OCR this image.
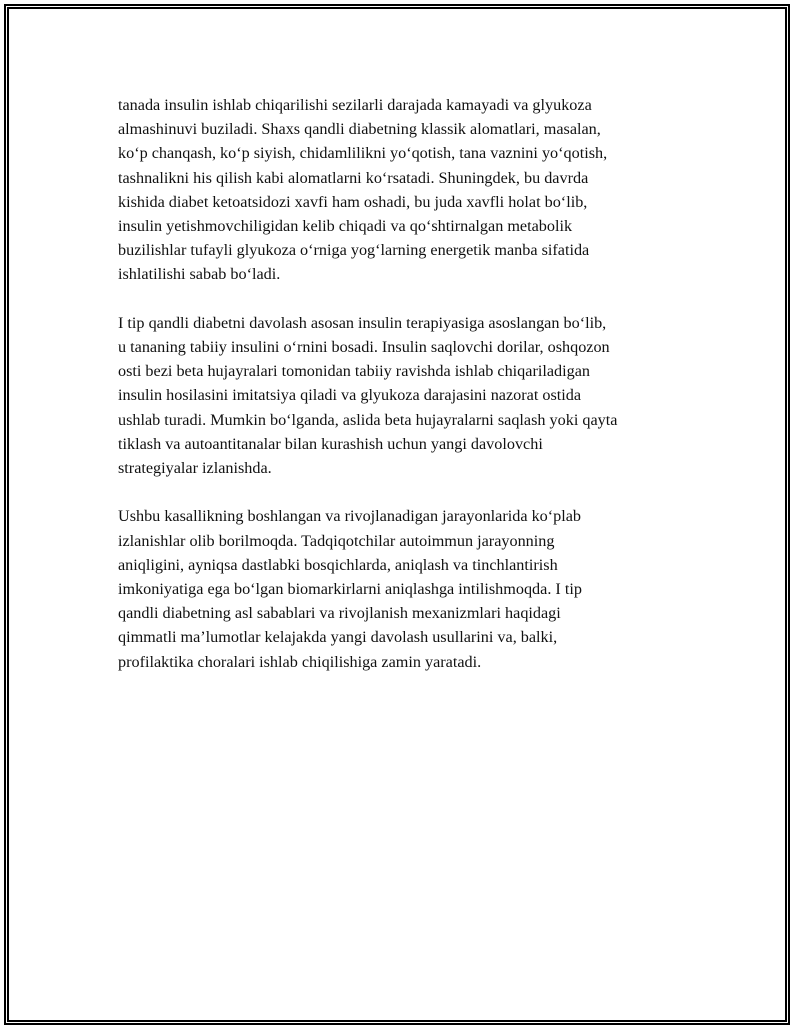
tanada insulin ishlab chiqarilishi sezilarli darajada kamayadi va glyukoza
almashinuvi buziladi. Shaxs qandli diabetning klassik alomatlari, masalan,
ko‘p chanqash, ko‘p siyish, chidamlilikni yo‘qotish, tana vaznini yo‘qotish,
tashnalikni his qilish kabi alomatlarni ko‘rsatadi. Shuningdek, bu davrda
kishida diabet ketoatsidozi xavfi ham oshadi, bu juda xavfli holat bo‘lib,
insulin yetishmovchiligidan kelib chiqadi va qo‘shtirnalgan metabolik
buzilishlar tufayli glyukoza o‘rniga yog‘larning energetik manba sifatida
ishlatilishi sabab bo‘ladi.

I tip qandli diabetni davolash asosan insulin terapiyasiga asoslangan bo‘lib,
u tananing tabiiy insulini o‘rnini bosadi. Insulin saqlovchi dorilar, oshqozon
osti bezi beta hujayralari tomonidan tabiiy ravishda ishlab chiqariladigan
insulin hosilasini imitatsiya qiladi va glyukoza darajasini nazorat ostida
ushlab turadi. Mumkin bo‘lganda, aslida beta hujayralarni saqlash yoki qayta
tiklash va autoantitanalar bilan kurashish uchun yangi davolovchi
strategiyalar izlanishda.

Ushbu kasallikning boshlangan va rivojlanadigan jarayonlarida ko‘plab
izlanishlar olib borilmoqda. Tadqiqotchilar autoimmun jarayonning
aniqligini, ayniqsa dastlabki bosqichlarda, aniqlash va tinchlantirish
imkoniyatiga ega bo‘lgan biomarkirlarni aniqlashga intilishmoqda. I tip
qandli diabetning asl sabablari va rivojlanish mexanizmlari haqidagi
qimmatli ma’lumotlar kelajakda yangi davolash usullarini va, balki,
profilaktika choralari ishlab chiqilishiga zamin yaratadi.
